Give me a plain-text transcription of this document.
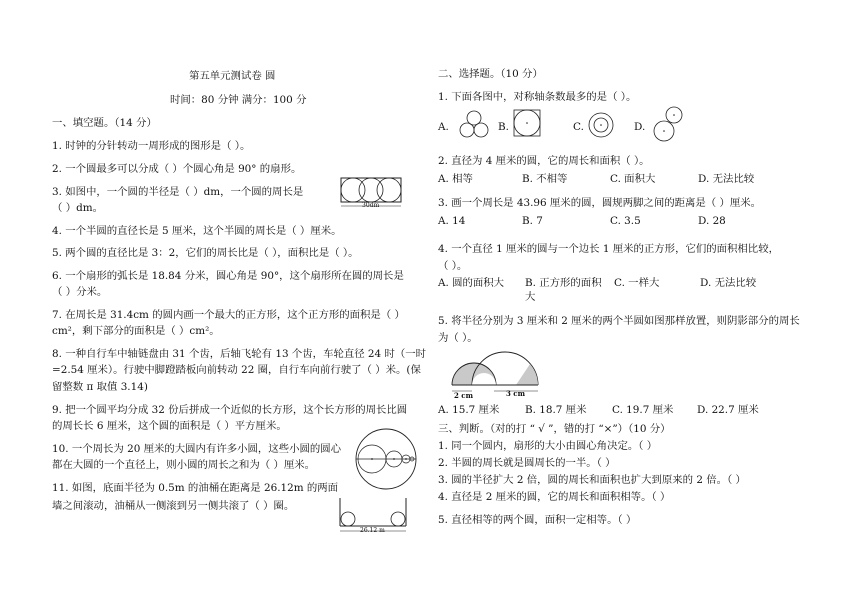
第五单元测试卷 圆
时间：80 分钟 满分：100 分
一、填空题。（14 分）
1. 时钟的分针转动一周形成的图形是（ ）。
2. 一个圆最多可以分成（ ）个圆心角是 90° 的扇形。
3. 如图中，一个圆的半径是（ ）dm，一个圆的周长是
（ ）dm。	30dm
4. 一个半圆的直径长是 5 厘米，这个半圆的周长是（ ）厘米。
5. 两个圆的直径比是 3：2，它们的周长比是（ ），面积比是（ ）。
6. 一个扇形的弧长是 18.84 分米，圆心角是 90°，这个扇形所在圆的周长是
（ ）分米。
7. 在周长是 31.4cm 的圆内画一个最大的正方形，这个正方形的面积是（ ）
cm²，剩下部分的面积是（ ）cm²。
8. 一种自行车中轴链盘由 31 个齿，后轴飞轮有 13 个齿，车轮直径 24 时（一时
=2.54 厘米）。行驶中脚蹬踏板向前转动 22 圈，自行车向前行驶了（ ）米。(保
留整数 π 取值 3.14)
9. 把一个圆平均分成 32 份后拼成一个近似的长方形，这个长方形的周长比圆
的周长长 6 厘米，这个圆的面积是（ ）平方厘米。
10. 一个周长为 20 厘米的大圆内有许多小圆，这些小圆的圆心
都在大圆的一个直径上，则小圆的周长之和为（ ）厘米。
11. 如图，底面半径为 0.5m 的油桶在距离是 26.12m 的两面
墙之间滚动，油桶从一侧滚到另一侧共滚了（ ）圈。
26.12 m
二、选择题。（10 分）
1. 下面各图中，对称轴条数最多的是（ ）。
A.	B.	C.	D.
2. 直径为 4 厘米的圆，它的周长和面积（ ）。
A. 相等	B. 不相等	C. 面积大	D. 无法比较
3. 画一个周长是 43.96 厘米的圆，圆规两脚之间的距离是（ ）厘米。
A. 14	B. 7	C. 3.5	D. 28
4. 一个直径 1 厘米的圆与一个边长 1 厘米的正方形，它们的面积相比较，
（ ）。
A. 圆的面积大 B. 正方形的面积
大
C. 一样大	D. 无法比较
5. 将半径分别为 3 厘米和 2 厘米的两个半圆如图那样放置，则阴影部分的周长
为（ ）。
2 cm	3 cm
A. 15.7 厘米 B. 18.7 厘米 C. 19.7 厘米 D. 22.7 厘米
三、判断。（对的打 “ √ ”，错的打 “×”）（10 分）
1. 同一个圆内，扇形的大小由圆心角决定。（ ）
2. 半圆的周长就是圆周长的一半。（ ）
3. 圆的半径扩大 2 倍，圆的周长和面积也扩大到原来的 2 倍。（ ）
4. 直径是 2 厘米的圆，它的周长和面积相等。（ ）
5. 直径相等的两个圆，面积一定相等。（ ）
